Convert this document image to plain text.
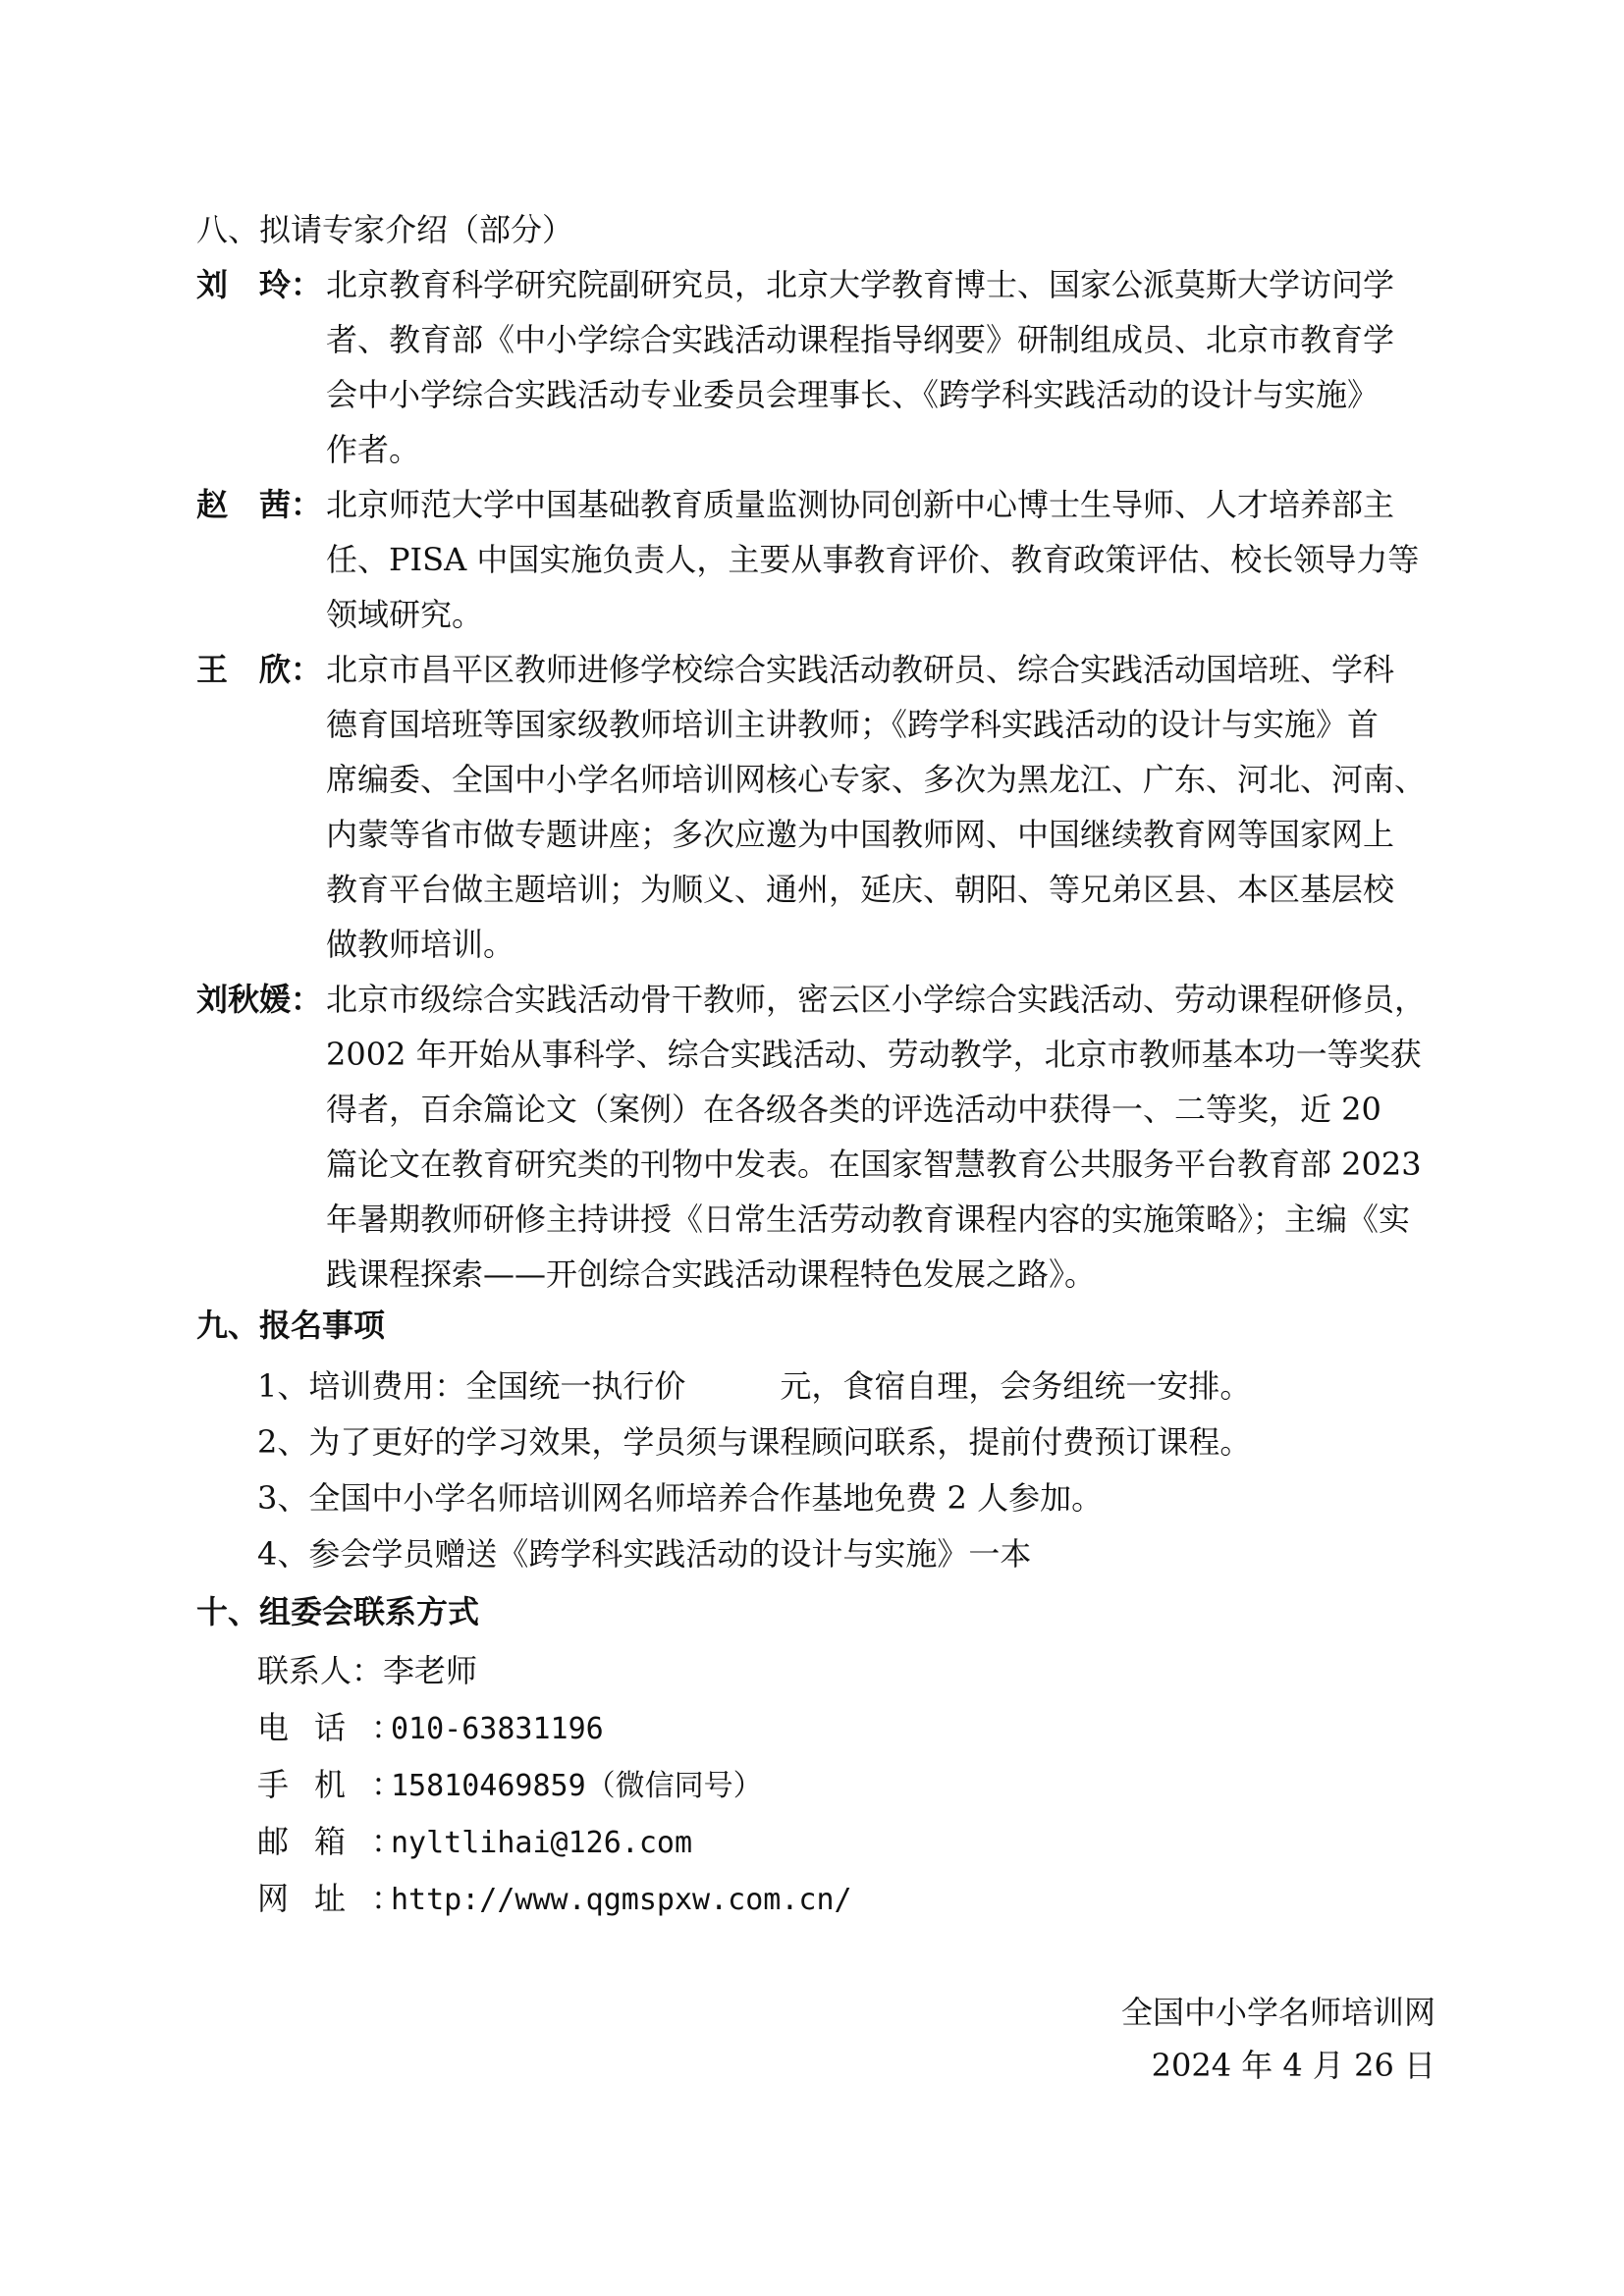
八、拟请专家介绍（部分）
刘　玲： 北京教育科学研究院副研究员，北京大学教育博士、国家公派莫斯大学访问学
者、教育部《中小学综合实践活动课程指导纲要》研制组成员、北京市教育学
会中小学综合实践活动专业委员会理事长、《跨学科实践活动的设计与实施》
作者。
赵　茜： 北京师范大学中国基础教育质量监测协同创新中心博士生导师、人才培养部主
任、PISA 中国实施负责人，主要从事教育评价、教育政策评估、校长领导力等
领域研究。
王　欣： 北京市昌平区教师进修学校综合实践活动教研员、综合实践活动国培班、学科
德育国培班等国家级教师培训主讲教师；《跨学科实践活动的设计与实施》首
席编委、全国中小学名师培训网核心专家、多次为黑龙江、广东、河北、河南、
内蒙等省市做专题讲座；多次应邀为中国教师网、中国继续教育网等国家网上
教育平台做主题培训；为顺义、通州，延庆、朝阳、等兄弟区县、本区基层校
做教师培训。
刘秋媛： 北京市级综合实践活动骨干教师，密云区小学综合实践活动、劳动课程研修员，
2002 年开始从事科学、综合实践活动、劳动教学，北京市教师基本功一等奖获
得者，百余篇论文（案例）在各级各类的评选活动中获得一、二等奖，近 20
篇论文在教育研究类的刊物中发表。在国家智慧教育公共服务平台教育部 2023
年暑期教师研修主持讲授《日常生活劳动教育课程内容的实施策略》；主编《实
践课程探索——开创综合实践活动课程特色发展之路》。
九、报名事项
1、培训费用：全国统一执行价　　　元，食宿自理，会务组统一安排。
2、为了更好的学习效果，学员须与课程顾问联系，提前付费预订课程。
3、全国中小学名师培训网名师培养合作基地免费 2 人参加。
4、参会学员赠送《跨学科实践活动的设计与实施》一本
十、组委会联系方式
联系人：李老师
电话：010-63831196
手机：15810469859（微信同号）
邮箱：nyltlihai@126.com
网址：http://www.qgmspxw.com.cn/
全国中小学名师培训网
2024 年 4 月 26 日
